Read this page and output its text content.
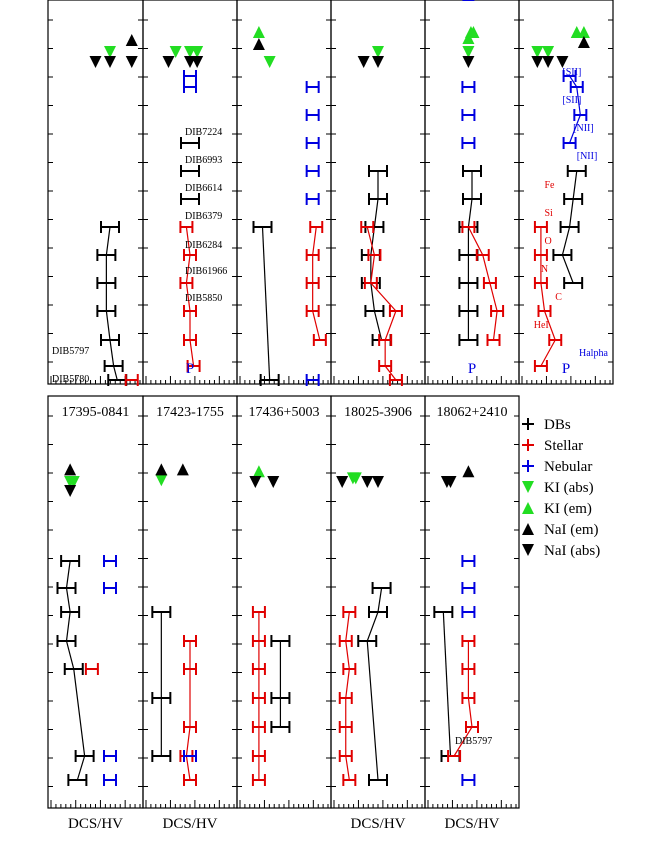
DIB5780
DIB5797
DIB5850
DIB61966
DIB6284
DIB6379
DIB6614
DIB6993
DIB7224
P	P
HeI
C
N
O
Si
Fe
[NII]
[NII]
[SII]
[SII]
Halpha
P
17395-0841
DCS/HV
17423-1755
DCS/HV
17436+5003 18025-3906
DCS/HV
18062+2410
DIB5797
DCS/HV
DBs
Stellar
Nebular
KI (abs)
KI (em)
NaI (em)
NaI (abs)
